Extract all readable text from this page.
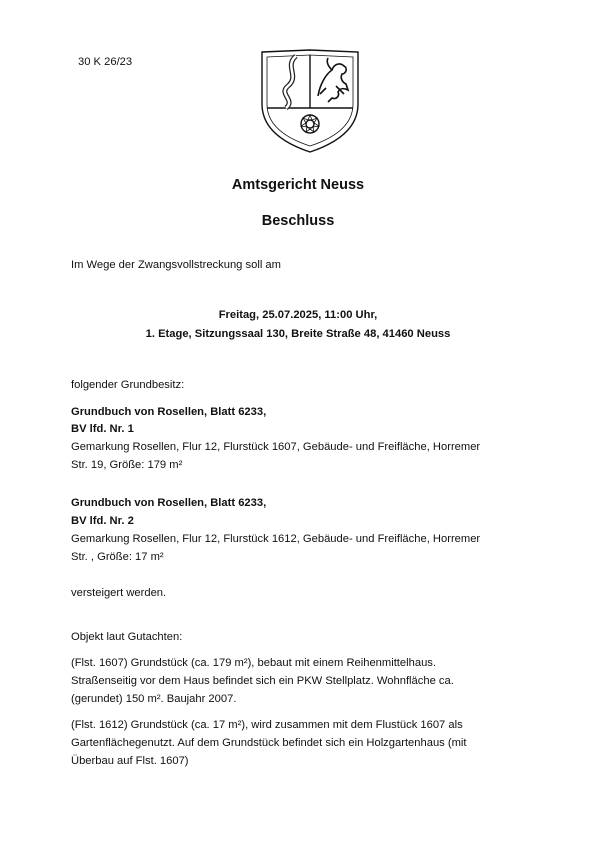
30 K 26/23
Amtsgericht Neuss
Beschluss
Im Wege der Zwangsvollstreckung soll am
Freitag, 25.07.2025, 11:00 Uhr,
1. Etage, Sitzungssaal 130, Breite Straße 48, 41460 Neuss
folgender Grundbesitz:
Grundbuch von Rosellen, Blatt 6233,
BV lfd. Nr. 1
Gemarkung Rosellen, Flur 12, Flurstück 1607, Gebäude- und Freifläche, Horremer
Str. 19, Größe: 179 m²
Grundbuch von Rosellen, Blatt 6233,
BV lfd. Nr. 2
Gemarkung Rosellen, Flur 12, Flurstück 1612, Gebäude- und Freifläche, Horremer
Str. , Größe: 17 m²
versteigert werden.
Objekt laut Gutachten:
(Flst. 1607) Grundstück (ca. 179 m²), bebaut mit einem Reihenmittelhaus.
Straßenseitig vor dem Haus befindet sich ein PKW Stellplatz. Wohnfläche ca.
(gerundet) 150 m². Baujahr 2007.
(Flst. 1612) Grundstück (ca. 17 m²), wird zusammen mit dem Flustück 1607 als
Gartenflächegenutzt. Auf dem Grundstück befindet sich ein Holzgartenhaus (mit
Überbau auf Flst. 1607)
